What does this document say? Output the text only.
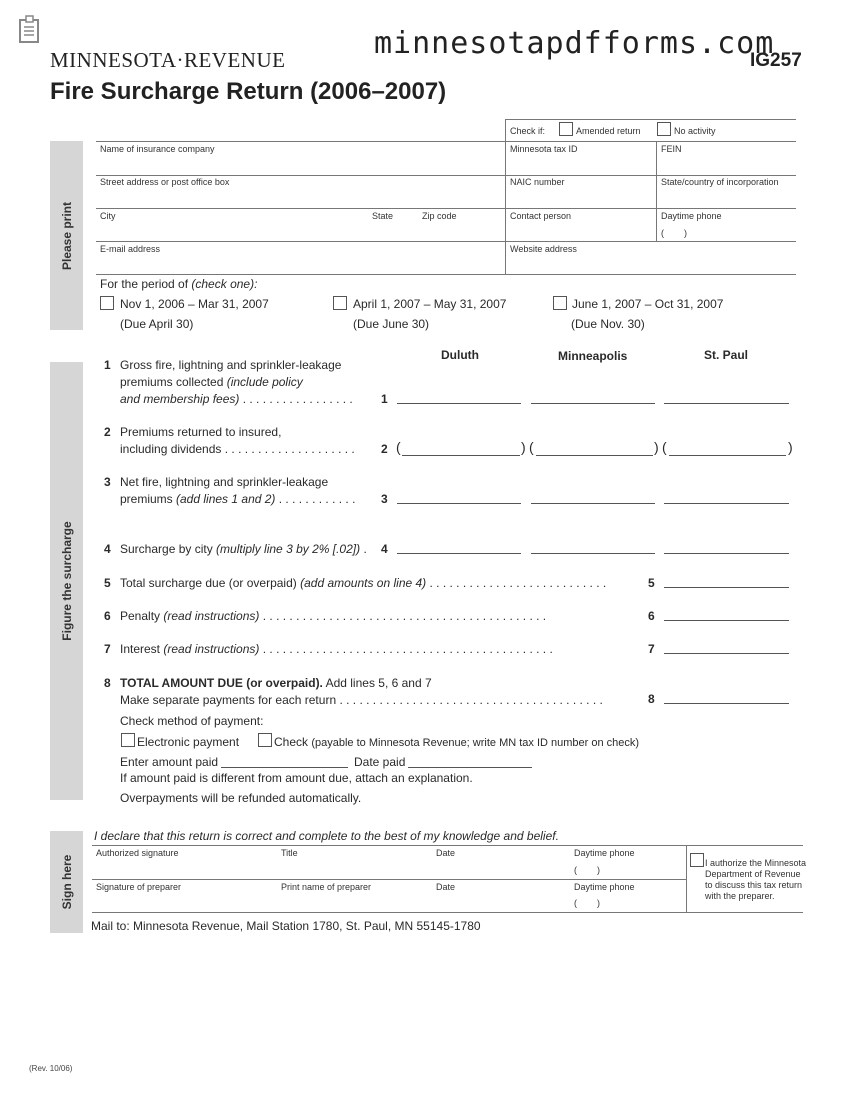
MINNESOTA·REVENUE	minnesotapdfforms.com
IG257
Fire Surcharge Return (2006–2007)
Check if:	Amended return	No activity
Please print
Name of insurance company	Minnesota tax ID	FEIN
Street address or post office box	NAIC number	State/country of incorporation
City	State	Zip code	Contact person	Daytime phone
(        )
E-mail address	Website address
For the period of (check one):
Nov 1, 2006 – Mar 31, 2007
(Due April 30)
April 1, 2007 – May 31, 2007
(Due June 30)
June 1, 2007 – Oct 31, 2007
(Due Nov. 30)
Figure the surcharge
Duluth	Minneapolis	St. Paul
1 Gross fire, lightning and sprinkler-leakage
premiums collected (include policy
and membership fees) . . . . . . . . . . . . . . . . . 1
2 Premiums returned to insured,
including dividends . . . . . . . . . . . . . . . . . . . . 2 (	) (	) (	)
3 Net fire, lightning and sprinkler-leakage
premiums (add lines 1 and 2) . . . . . . . . . . . . 3
4 Surcharge by city (multiply line 3 by 2% [.02]) . 4
5 Total surcharge due (or overpaid) (add amounts on line 4) . . . . . . . . . . . . . . . . . . . . . . . . . . .	5
6 Penalty (read instructions) . . . . . . . . . . . . . . . . . . . . . . . . . . . . . . . . . . . . . . . . . . .	6
7 Interest (read instructions) . . . . . . . . . . . . . . . . . . . . . . . . . . . . . . . . . . . . . . . . . . . .	7
8 TOTAL AMOUNT DUE (or overpaid). Add lines 5, 6 and 7
Make separate payments for each return . . . . . . . . . . . . . . . . . . . . . . . . . . . . . . . . . . . . . . . .	8
Check method of payment:
Electronic payment	Check (payable to Minnesota Revenue; write MN tax ID number on check)
Enter amount paid	Date paid
If amount paid is different from amount due, attach an explanation.
Overpayments will be refunded automatically.
I declare that this return is correct and complete to the best of my knowledge and belief.
Sign here
Authorized signature	Title	Date	Daytime phone
(        )
Signature of preparer	Print name of preparer	Date	Daytime phone
(        )
I authorize the Minnesota
Department of Revenue
to discuss this tax return
with the preparer.
Mail to: Minnesota Revenue, Mail Station 1780, St. Paul, MN 55145-1780
(Rev. 10/06)
